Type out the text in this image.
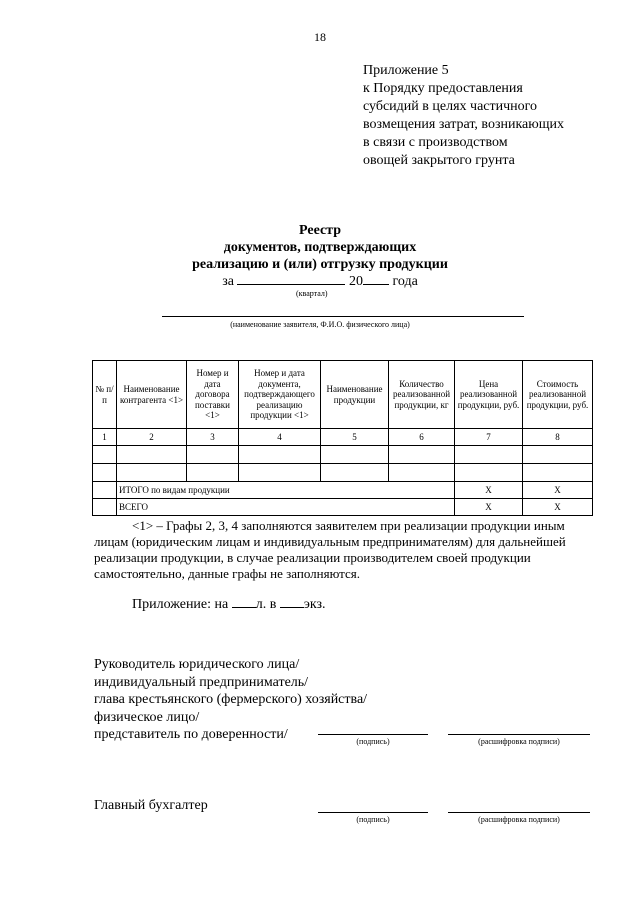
18
Приложение 5
к Порядку предоставления
субсидий в целях частичного
возмещения затрат, возникающих
в связи с производством
овощей закрытого грунта
Реестр
документов, подтверждающих
реализацию и (или) отгрузку продукции
за	20 года
(квартал)
(наименование заявителя, Ф.И.О. физического лица)
№ п/п	Наименование контрагента <1>	Номер и дата договора поставки <1>	Номер и дата документа, подтверждающего реализацию продукции <1>	Наименование продукции	Количество реализованной продукции, кг	Цена реализованной продукции, руб.	Стоимость реализованной продукции, руб.
1	2	3	4	5	6	7	8

	ИТОГО по видам продукции					X	X
	ВСЕГО					X	X

<1> – Графы 2, 3, 4 заполняются заявителем при реализации продукции иным лицам (юридическим лицам и индивидуальным предпринимателям) для дальнейшей реализации продукции, в случае реализации производителем своей продукции самостоятельно, данные графы не заполняются.

Приложение: на л. в экз.
Руководитель юридического лица/
индивидуальный предприниматель/
глава крестьянского (фермерского) хозяйства/
физическое лицо/
представитель по доверенности/	(подпись)	(расшифровка подписи)
Главный бухгалтер
(подпись)	(расшифровка подписи)
